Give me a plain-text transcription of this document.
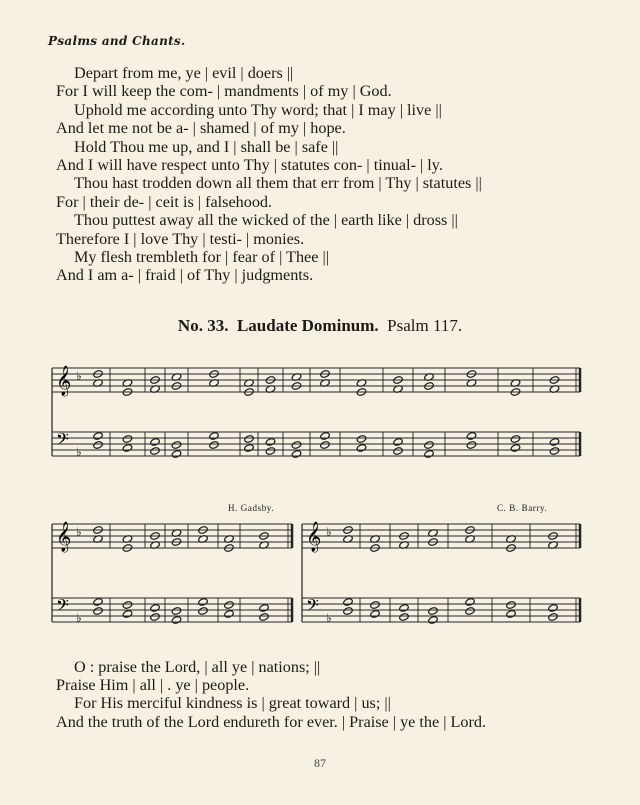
Psalms and Chants.
Depart from me, ye | evil | doers ||
For I will keep the com- | mandments | of my | God.
Uphold me according unto Thy word; that | I may | live ||
And let me not be a- | shamed | of my | hope.
Hold Thou me up, and I | shall be | safe ||
And I will have respect unto Thy | statutes con- | tinual- | ly.
Thou hast trodden down all them that err from | Thy | statutes ||
For | their de- | ceit is | falsehood.
Thou puttest away all the wicked of the | earth like | dross ||
Therefore I | love Thy | testi- | monies.
My flesh trembleth for | fear of | Thee ||
And I am a- | fraid | of Thy | judgments.
No. 33. Laudate Dominum. Psalm 117.
𝄞
𝄢
♭
♭
𝄞
𝄢
♭
♭
𝄞
𝄢
♭
♭
H. Gadsby.	C. B. Barry.
O : praise the Lord, | all ye | nations; ||
Praise Him | all | . ye | people.
For His merciful kindness is | great toward | us; ||
And the truth of the Lord endureth for ever. | Praise | ye the | Lord.
87
